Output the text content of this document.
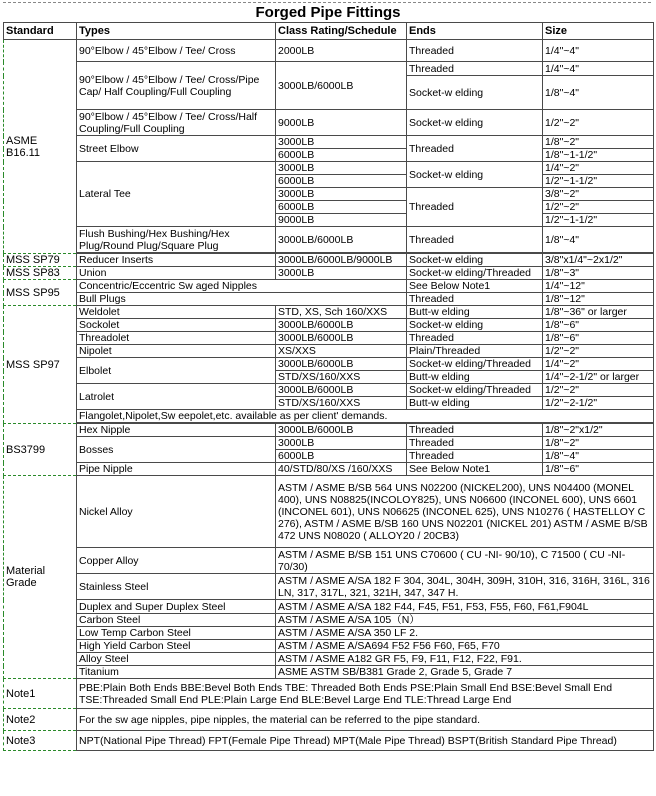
Forged Pipe Fittings
Standard	Types	Class Rating/Schedule	Ends	Size
ASME B16.11	90°Elbow / 45°Elbow / Tee/ Cross	2000LB	Threaded	1/4"~4"
	90°Elbow / 45°Elbow / Tee/ Cross/Pipe Cap/ Half Coupling/Full Coupling	3000LB/6000LB	Threaded	1/4"~4"
			Socket-w elding	1/8"~4"
	90°Elbow / 45°Elbow / Tee/ Cross/Half Coupling/Full Coupling	9000LB	Socket-w elding	1/2"~2"
	Street Elbow	3000LB	Threaded	1/8"~2"
		6000LB		1/8"~1-1/2"
	Lateral Tee	3000LB	Socket-w elding	1/4"~2"
		6000LB		1/2"~1-1/2"
		3000LB	Threaded	3/8"~2"
		6000LB		1/2"~2"
		9000LB		1/2"~1-1/2"
	Flush Bushing/Hex Bushing/Hex Plug/Round Plug/Square Plug	3000LB/6000LB	Threaded	1/8"~4"

MSS SP79	Reducer Inserts	3000LB/6000LB/9000LB	Socket-w elding	3/8"x1/4"~2x1/2"
MSS SP83	Union	3000LB	Socket-w elding/Threaded	1/8"~3"
MSS SP95	Concentric/Eccentric Sw aged Nipples		See Below Note1	1/4"~12"
	Bull Plugs		Threaded	1/8"~12"
MSS SP97	Weldolet	STD, XS, Sch 160/XXS	Butt-w elding	1/8"~36" or larger
	Sockolet	3000LB/6000LB	Socket-w elding	1/8"~6"
	Threadolet	3000LB/6000LB	Threaded	1/8"~6"
	Nipolet	XS/XXS	Plain/Threaded	1/2"~2"
	Elbolet	3000LB/6000LB	Socket-w elding/Threaded	1/4"~2"
		STD/XS/160/XXS	Butt-w elding	1/4"~2-1/2" or larger
	Latrolet	3000LB/6000LB	Socket-w elding/Threaded	1/2"~2"
		STD/XS/160/XXS	Butt-w elding	1/2"~2-1/2"
	Flangolet,Nipolet,Sw eepolet,etc. available as per client' demands.			

BS3799	Hex Nipple	3000LB/6000LB	Threaded	1/8"~2"x1/2"
	Bosses	3000LB	Threaded	1/8"~2"
		6000LB	Threaded	1/8"~4"
	Pipe Nipple	40/STD/80/XS /160/XXS	See Below Note1	1/8"~6"
Material Grade	Nickel Alloy	ASTM / ASME B/SB 564 UNS N02200 (NICKEL200), UNS N04400 (MONEL 400), UNS N08825(INCOLOY825), UNS N06600 (INCONEL 600), UNS 6601 (INCONEL 601), UNS N06625 (INCONEL 625), UNS N10276 ( HASTELLOY C 276), ASTM / ASME B/SB 160 UNS N02201 (NICKEL 201) ASTM / ASME B/SB 472 UNS N08020 ( ALLOY20 / 20CB3)		
	Copper Alloy	ASTM / ASME B/SB 151 UNS C70600 ( CU -NI- 90/10), C 71500 ( CU -NI- 70/30)		
	Stainless Steel	ASTM / ASME A/SA 182 F 304, 304L, 304H, 309H, 310H, 316, 316H, 316L, 316 LN, 317, 317L, 321, 321H, 347, 347 H.		
	Duplex and Super Duplex Steel	ASTM / ASME A/SA 182 F44, F45, F51, F53, F55, F60, F61,F904L		
	Carbon Steel	ASTM / ASME A/SA 105（N）		
	Low Temp Carbon Steel	ASTM / ASME A/SA 350 LF 2.		
	High Yield Carbon Steel	ASTM / ASME A/SA694 F52 F56 F60, F65, F70		
	Alloy Steel	ASTM / ASME A182 GR F5, F9, F11, F12, F22, F91.		
	Titanium	ASME ASTM SB/B381 Grade 2, Grade 5, Grade 7		
Note1	PBE:Plain Both Ends BBE:Bevel Both Ends TBE: Threaded Both Ends PSE:Plain Small End BSE:Bevel Small End
TSE:Threaded Small End PLE:Plain Large End BLE:Bevel Large End TLE:Thread Large End			

Note2	For the sw age nipples, pipe nipples, the material can be referred to the pipe standard.			
Note3	NPT(National Pipe Thread) FPT(Female Pipe Thread) MPT(Male Pipe Thread) BSPT(British Standard Pipe Thread)			
